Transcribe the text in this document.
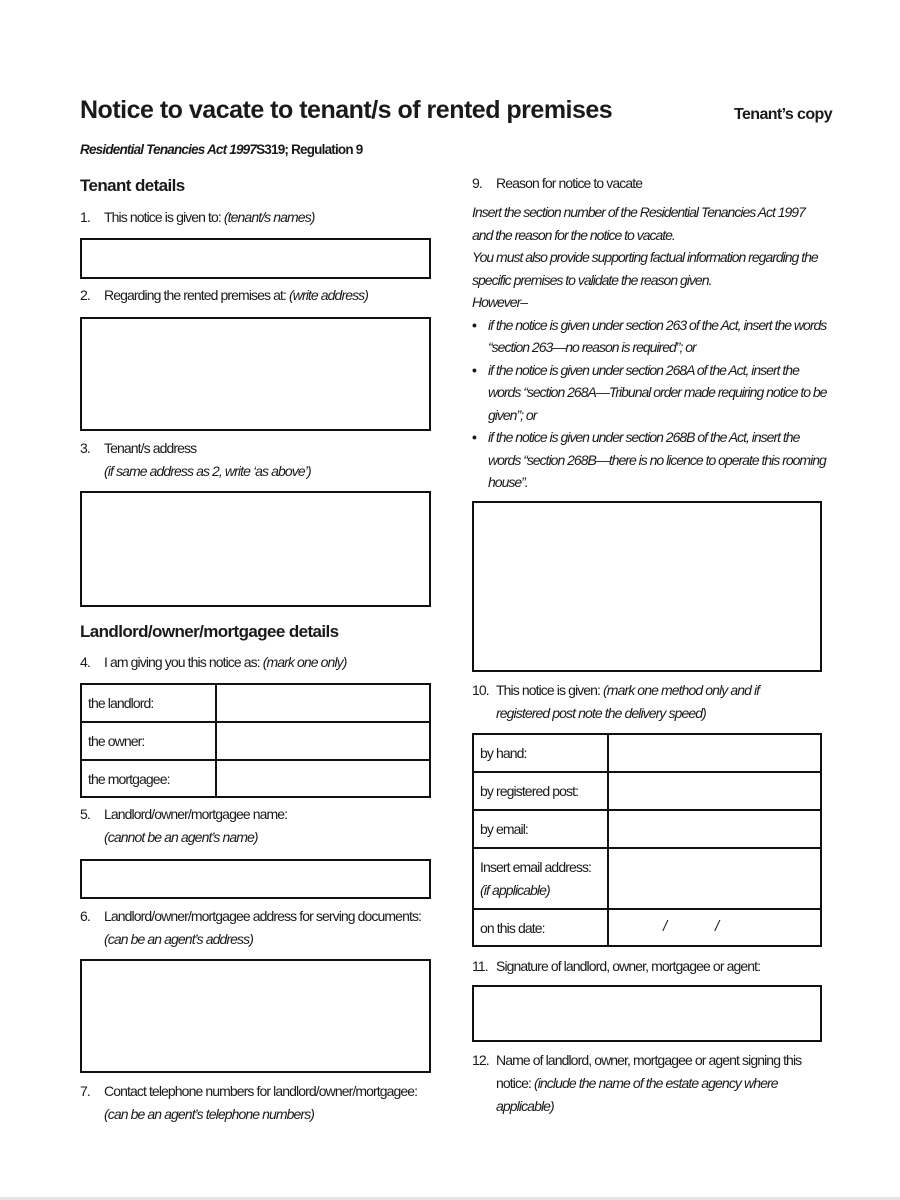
Notice to vacate to tenant/s of rented premises	Tenant’s copy
Residential Tenancies Act 1997S319; Regulation 9
Tenant details
1. This notice is given to: (tenant/s names)
2. Regarding the rented premises at: (write address)
3. Tenant/s address
(if same address as 2, write ‘as above’)
Landlord/owner/mortgagee details
4. I am giving you this notice as: (mark one only)
the landlord:	
the owner:	
the mortgagee:	
5. Landlord/owner/mortgagee name:
(cannot be an agent’s name)
6. Landlord/owner/mortgagee address for serving documents:
(can be an agent’s address)
7. Contact telephone numbers for landlord/owner/mortgagee:
(can be an agent’s telephone numbers)
9. Reason for notice to vacate
Insert the section number of the Residential Tenancies Act 1997 and the reason for the notice to vacate.
You must also provide supporting factual information regarding the specific premises to validate the reason given.
However–
• if the notice is given under section 263 of the Act, insert the words “section 263—no reason is required”; or
• if the notice is given under section 268A of the Act, insert the words “section 268A—Tribunal order made requiring notice to be given”; or
• if the notice is given under section 268B of the Act, insert the words “section 268B—there is no licence to operate this rooming house”.
10. This notice is given: (mark one method only and if
registered post note the delivery speed)
by hand:	
by registered post:	
by email:	

Insert email address:
(if applicable)	

on this date:	/ /
11. Signature of landlord, owner, mortgagee or agent:
12. Name of landlord, owner, mortgagee or agent signing this
notice: (include the name of the estate agency where
applicable)
